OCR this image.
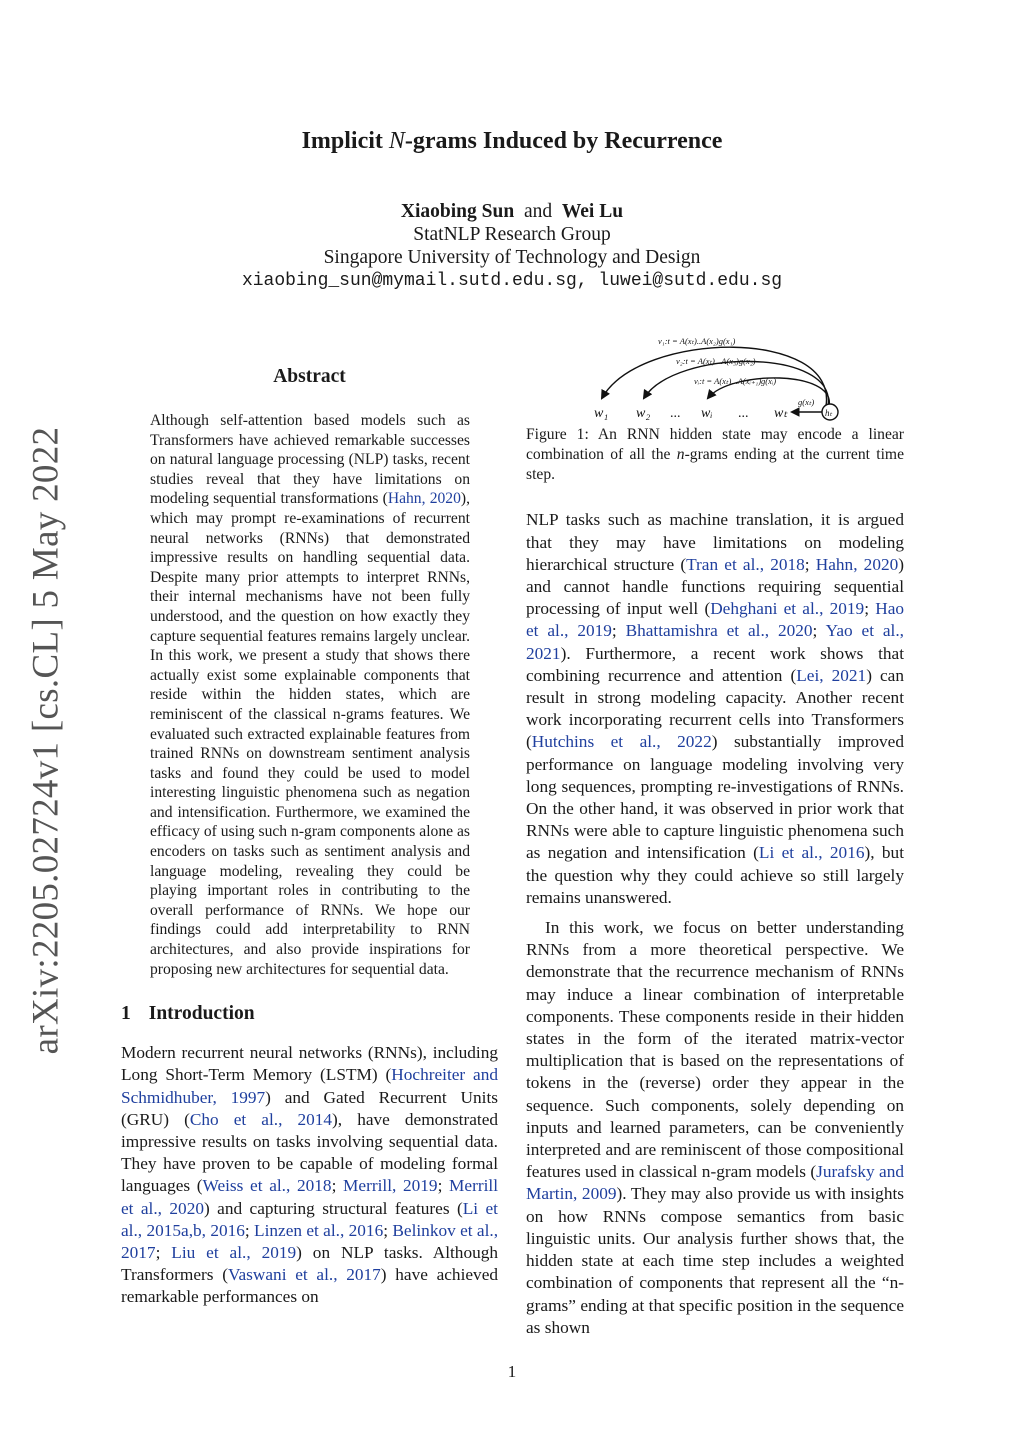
arXiv:2205.02724v1 [cs.CL] 5 May 2022
Implicit N-grams Induced by Recurrence
Xiaobing Sun and Wei Lu
StatNLP Research Group
Singapore University of Technology and Design
xiaobing_sun@mymail.sutd.edu.sg, luwei@sutd.edu.sg
Abstract
Although self-attention based models such as Transformers have achieved remarkable successes on natural language processing (NLP) tasks, recent studies reveal that they have limitations on modeling sequential transformations (Hahn, 2020), which may prompt re-examinations of recurrent neural networks (RNNs) that demonstrated impressive results on handling sequential data. Despite many prior attempts to interpret RNNs, their internal mechanisms have not been fully understood, and the question on how exactly they capture sequential features remains largely unclear. In this work, we present a study that shows there actually exist some explainable components that reside within the hidden states, which are reminiscent of the classical n-grams features. We evaluated such extracted explainable features from trained RNNs on downstream sentiment analysis tasks and found they could be used to model interesting linguistic phenomena such as negation and intensification. Furthermore, we examined the efficacy of using such n-gram components alone as encoders on tasks such as sentiment analysis and language modeling, revealing they could be playing important roles in contributing to the overall performance of RNNs. We hope our findings could add interpretability to RNN architectures, and also provide inspirations for proposing new architectures for sequential data.
1 Introduction

Modern recurrent neural networks (RNNs), including Long Short-Term Memory (LSTM) (Hochreiter and Schmidhuber, 1997) and Gated Recurrent Units (GRU) (Cho et al., 2014), have demonstrated impressive results on tasks involving sequential data. They have proven to be capable of modeling formal languages (Weiss et al., 2018; Merrill, 2019; Merrill et al., 2020) and capturing structural features (Li et al., 2015a,b, 2016; Linzen et al., 2016; Belinkov et al., 2017; Liu et al., 2019) on NLP tasks. Although Transformers (Vaswani et al., 2017) have achieved remarkable performances on

v₁:t = A(xₜ)..A(x₂)g(x₁)
v₂:t = A(xₜ)...A(x₃)g(x₂)
vᵢ:t = A(xₜ)...A(xᵢ₊₁)g(xᵢ)
g(xₜ)
w₁ w₂ ... wᵢ ... wₜ	hₜ

Figure 1: An RNN hidden state may encode a linear combination of all the n-grams ending at the current time step.

NLP tasks such as machine translation, it is argued that they may have limitations on modeling hierarchical structure (Tran et al., 2018; Hahn, 2020) and cannot handle functions requiring sequential processing of input well (Dehghani et al., 2019; Hao et al., 2019; Bhattamishra et al., 2020; Yao et al., 2021). Furthermore, a recent work shows that combining recurrence and attention (Lei, 2021) can result in strong modeling capacity. Another recent work incorporating recurrent cells into Transformers (Hutchins et al., 2022) substantially improved performance on language modeling involving very long sequences, prompting re-investigations of RNNs. On the other hand, it was observed in prior work that RNNs were able to capture linguistic phenomena such as negation and intensification (Li et al., 2016), but the question why they could achieve so still largely remains unanswered.

In this work, we focus on better understanding RNNs from a more theoretical perspective. We demonstrate that the recurrence mechanism of RNNs may induce a linear combination of interpretable components. These components reside in their hidden states in the form of the iterated matrix-vector multiplication that is based on the representations of tokens in the (reverse) order they appear in the sequence. Such components, solely depending on inputs and learned parameters, can be conveniently interpreted and are reminiscent of those compositional features used in classical n-gram models (Jurafsky and Martin, 2009). They may also provide us with insights on how RNNs compose semantics from basic linguistic units. Our analysis further shows that, the hidden state at each time step includes a weighted combination of components that represent all the “n-grams” ending at that specific position in the sequence as shown

1
